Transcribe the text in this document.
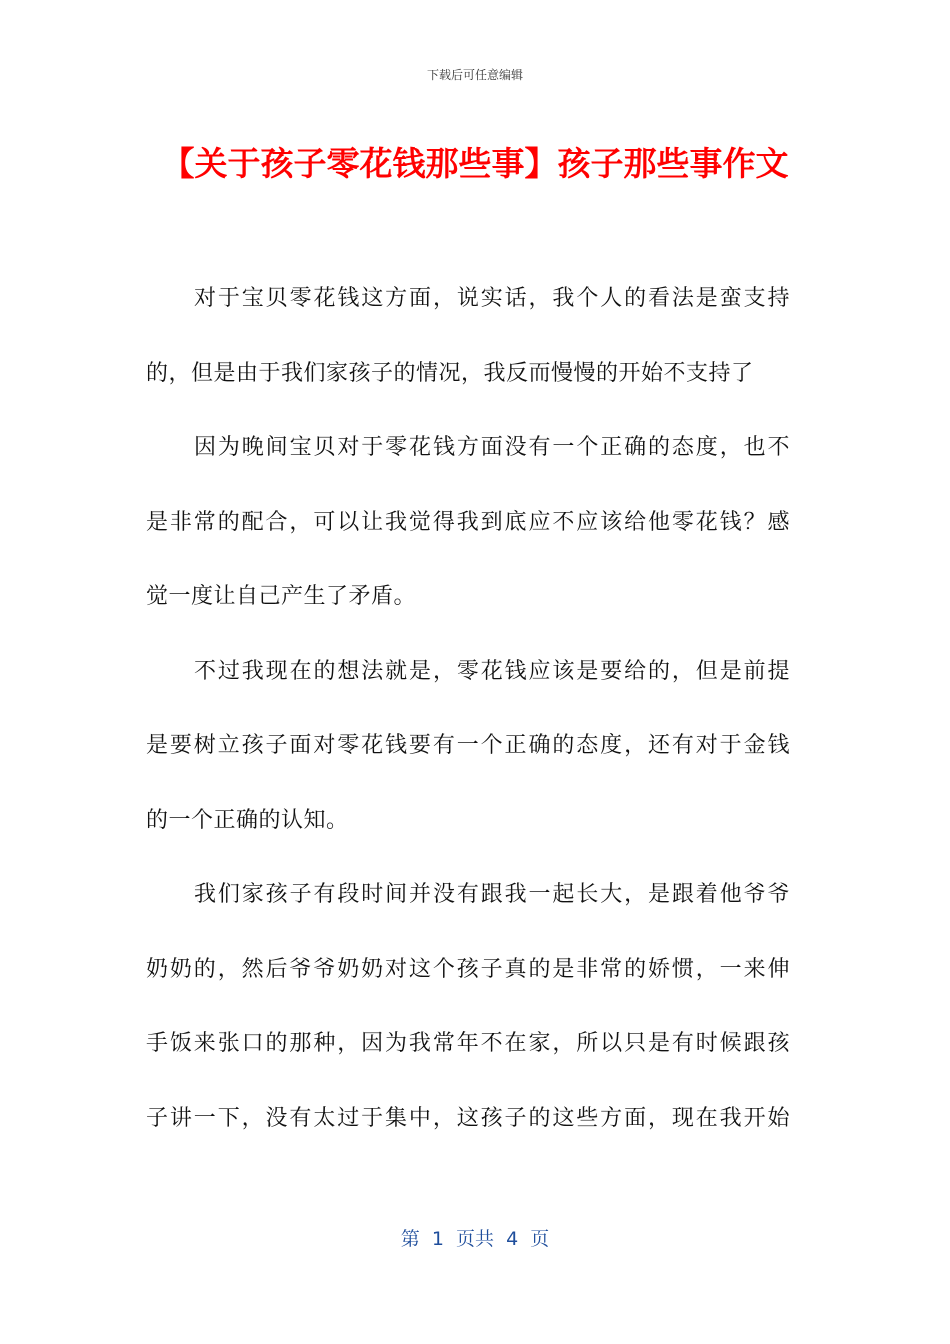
下载后可任意编辑
【关于孩子零花钱那些事】孩子那些事作文
对于宝贝零花钱这方面，说实话，我个人的看法是蛮支持
的，但是由于我们家孩子的情况，我反而慢慢的开始不支持了
因为晚间宝贝对于零花钱方面没有一个正确的态度，也不
是非常的配合，可以让我觉得我到底应不应该给他零花钱？感
觉一度让自己产生了矛盾。
不过我现在的想法就是，零花钱应该是要给的，但是前提
是要树立孩子面对零花钱要有一个正确的态度，还有对于金钱
的一个正确的认知。
我们家孩子有段时间并没有跟我一起长大，是跟着他爷爷
奶奶的，然后爷爷奶奶对这个孩子真的是非常的娇惯，一来伸
手饭来张口的那种，因为我常年不在家，所以只是有时候跟孩
子讲一下，没有太过于集中，这孩子的这些方面，现在我开始
第  1  页共  4  页
